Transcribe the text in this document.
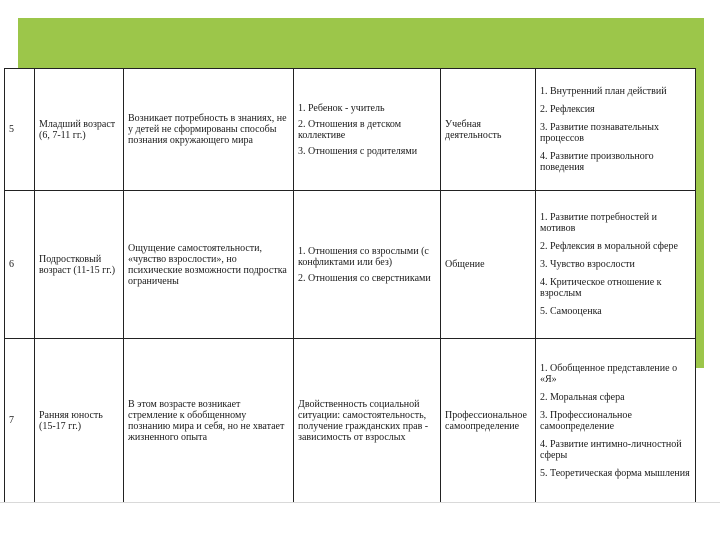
5	Младший возраст (6, 7-11 гг.)	Возникает потребность в знаниях, не у детей не сформированы способы познания окружающего мира	1. Ребенок - учитель
2. Отношения в детском коллективе
3. Отношения с родителями	Учебная деятельность	1. Внутренний план действий
2. Рефлексия
3. Развитие познавательных процессов
4. Развитие произвольного поведения

6	Подростковый возраст (11-15 гг.)	Ощущение самостоятельности, «чувство взрослости», но психические возможности подростка ограничены	1. Отношения со взрослыми (с конфликтами или без)
2. Отношения со сверстниками	Общение	1. Развитие потребностей и мотивов
2. Рефлексия в моральной сфере
3. Чувство взрослости
4. Критическое отношение к взрослым
5. Самооценка

7	Ранняя юность (15-17 гг.)	В этом возрасте возникает стремление к обобщенному познанию мира и себя, но не хватает жизненного опыта	Двойственность социальной ситуации: самостоятельность, получение гражданских прав - зависимость от взрослых	Профессиональное самоопределение	1. Обобщенное представление о «Я»
2. Моральная сфера
3. Профессиональное самоопределение
4. Развитие интимно-личностной сферы
5. Теоретическая форма мышления
